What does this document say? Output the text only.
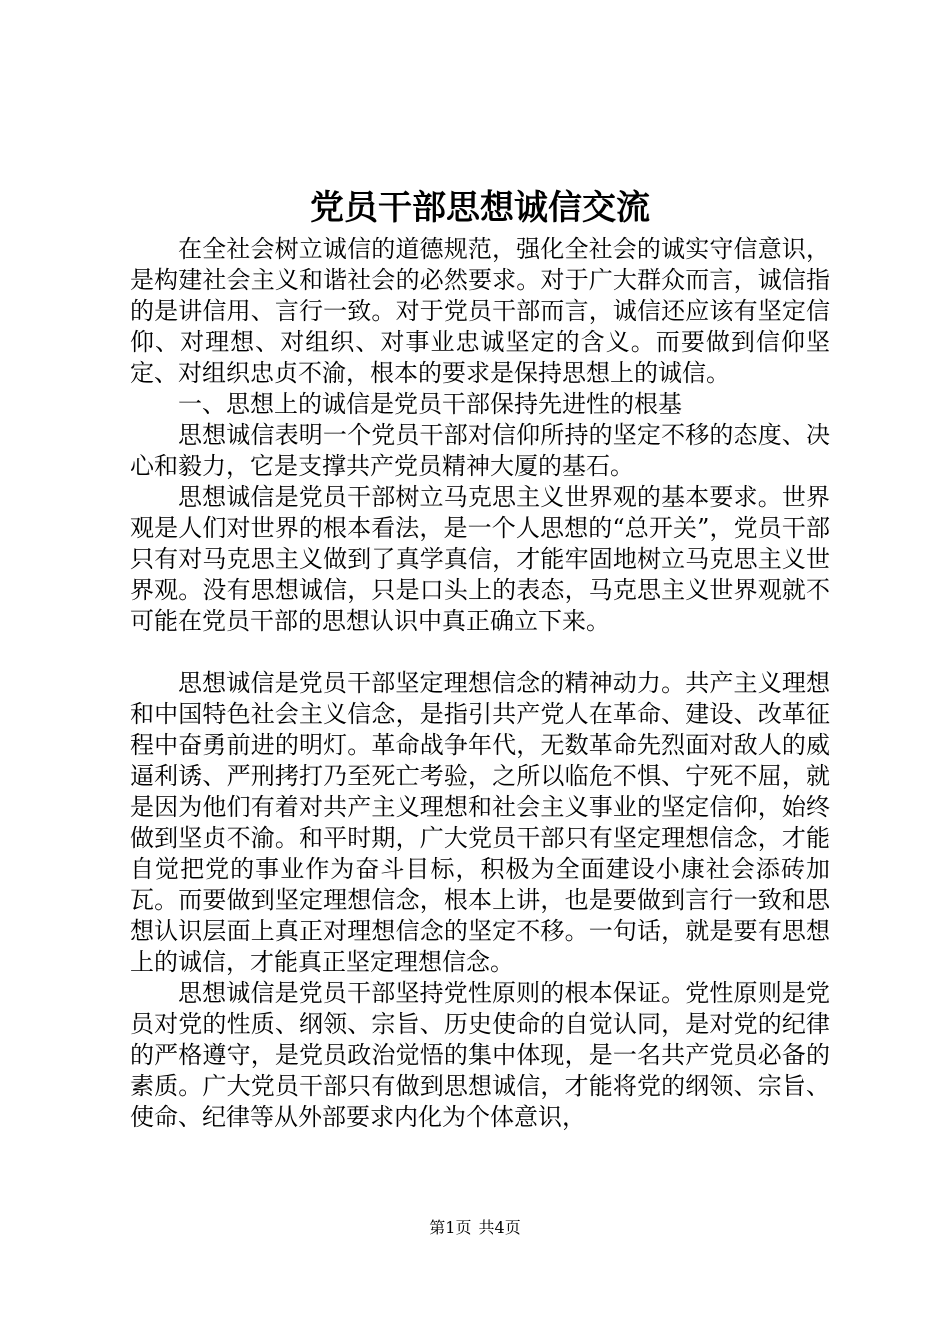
党员干部思想诚信交流

在全社会树立诚信的道德规范，强化全社会的诚实守信意识，是构建社会主义和谐社会的必然要求。对于广大群众而言，诚信指的是讲信用、言行一致。对于党员干部而言，诚信还应该有坚定信仰、对理想、对组织、对事业忠诚坚定的含义。而要做到信仰坚定、对组织忠贞不渝，根本的要求是保持思想上的诚信。

一、思想上的诚信是党员干部保持先进性的根基

思想诚信表明一个党员干部对信仰所持的坚定不移的态度、决心和毅力，它是支撑共产党员精神大厦的基石。

思想诚信是党员干部树立马克思主义世界观的基本要求。世界观是人们对世界的根本看法，是一个人思想的“总开关”，党员干部只有对马克思主义做到了真学真信，才能牢固地树立马克思主义世界观。没有思想诚信，只是口头上的表态，马克思主义世界观就不可能在党员干部的思想认识中真正确立下来。

思想诚信是党员干部坚定理想信念的精神动力。共产主义理想和中国特色社会主义信念，是指引共产党人在革命、建设、改革征程中奋勇前进的明灯。革命战争年代，无数革命先烈面对敌人的威逼利诱、严刑拷打乃至死亡考验，之所以临危不惧、宁死不屈，就是因为他们有着对共产主义理想和社会主义事业的坚定信仰，始终做到坚贞不渝。和平时期，广大党员干部只有坚定理想信念，才能自觉把党的事业作为奋斗目标，积极为全面建设小康社会添砖加瓦。而要做到坚定理想信念，根本上讲，也是要做到言行一致和思想认识层面上真正对理想信念的坚定不移。一句话，就是要有思想上的诚信，才能真正坚定理想信念。

思想诚信是党员干部坚持党性原则的根本保证。党性原则是党员对党的性质、纲领、宗旨、历史使命的自觉认同，是对党的纪律的严格遵守，是党员政治觉悟的集中体现，是一名共产党员必备的素质。广大党员干部只有做到思想诚信，才能将党的纲领、宗旨、使命、纪律等从外部要求内化为个体意识，

第1页 共4页
